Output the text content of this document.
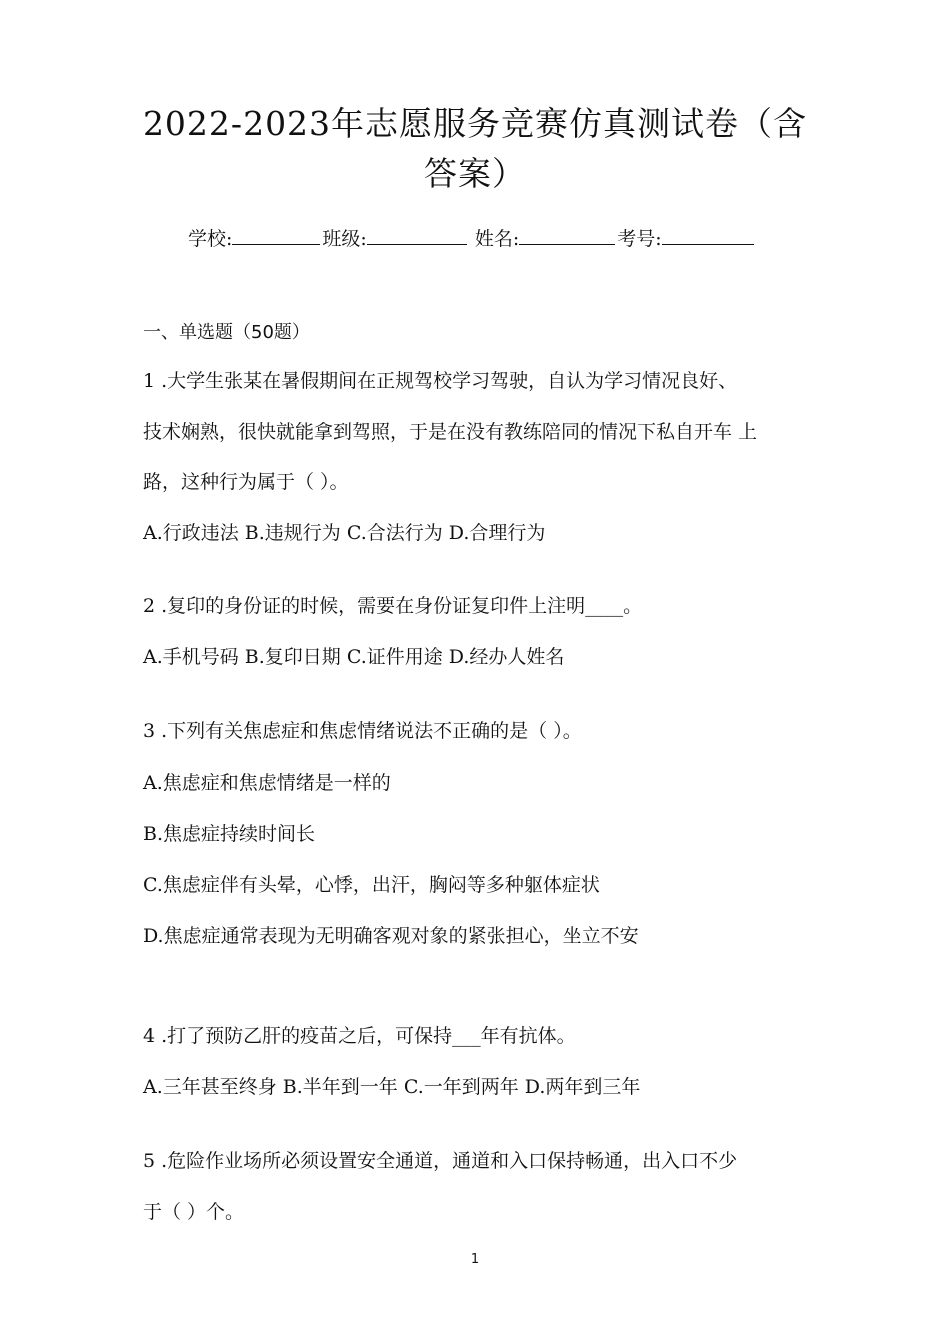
2022-2023年志愿服务竞赛仿真测试卷（含
答案）
学校:	班级:	姓名:	考号:
一、单选题（50题）
1 .大学生张某在暑假期间在正规驾校学习驾驶，自认为学习情况良好、
技术娴熟，很快就能拿到驾照，于是在没有教练陪同的情况下私自开车 上
路，这种行为属于（ ）。
A.行政违法 B.违规行为 C.合法行为 D.合理行为
2 .复印的身份证的时候，需要在身份证复印件上注明____。
A.手机号码 B.复印日期 C.证件用途 D.经办人姓名
3 .下列有关焦虑症和焦虑情绪说法不正确的是（ ）。
A.焦虑症和焦虑情绪是一样的
B.焦虑症持续时间长
C.焦虑症伴有头晕，心悸，出汗，胸闷等多种躯体症状
D.焦虑症通常表现为无明确客观对象的紧张担心，坐立不安
4 .打了预防乙肝的疫苗之后，可保持___年有抗体。
A.三年甚至终身 B.半年到一年 C.一年到两年 D.两年到三年
5 .危险作业场所必须设置安全通道，通道和入口保持畅通，出入口不少
于（ ）个。
1
